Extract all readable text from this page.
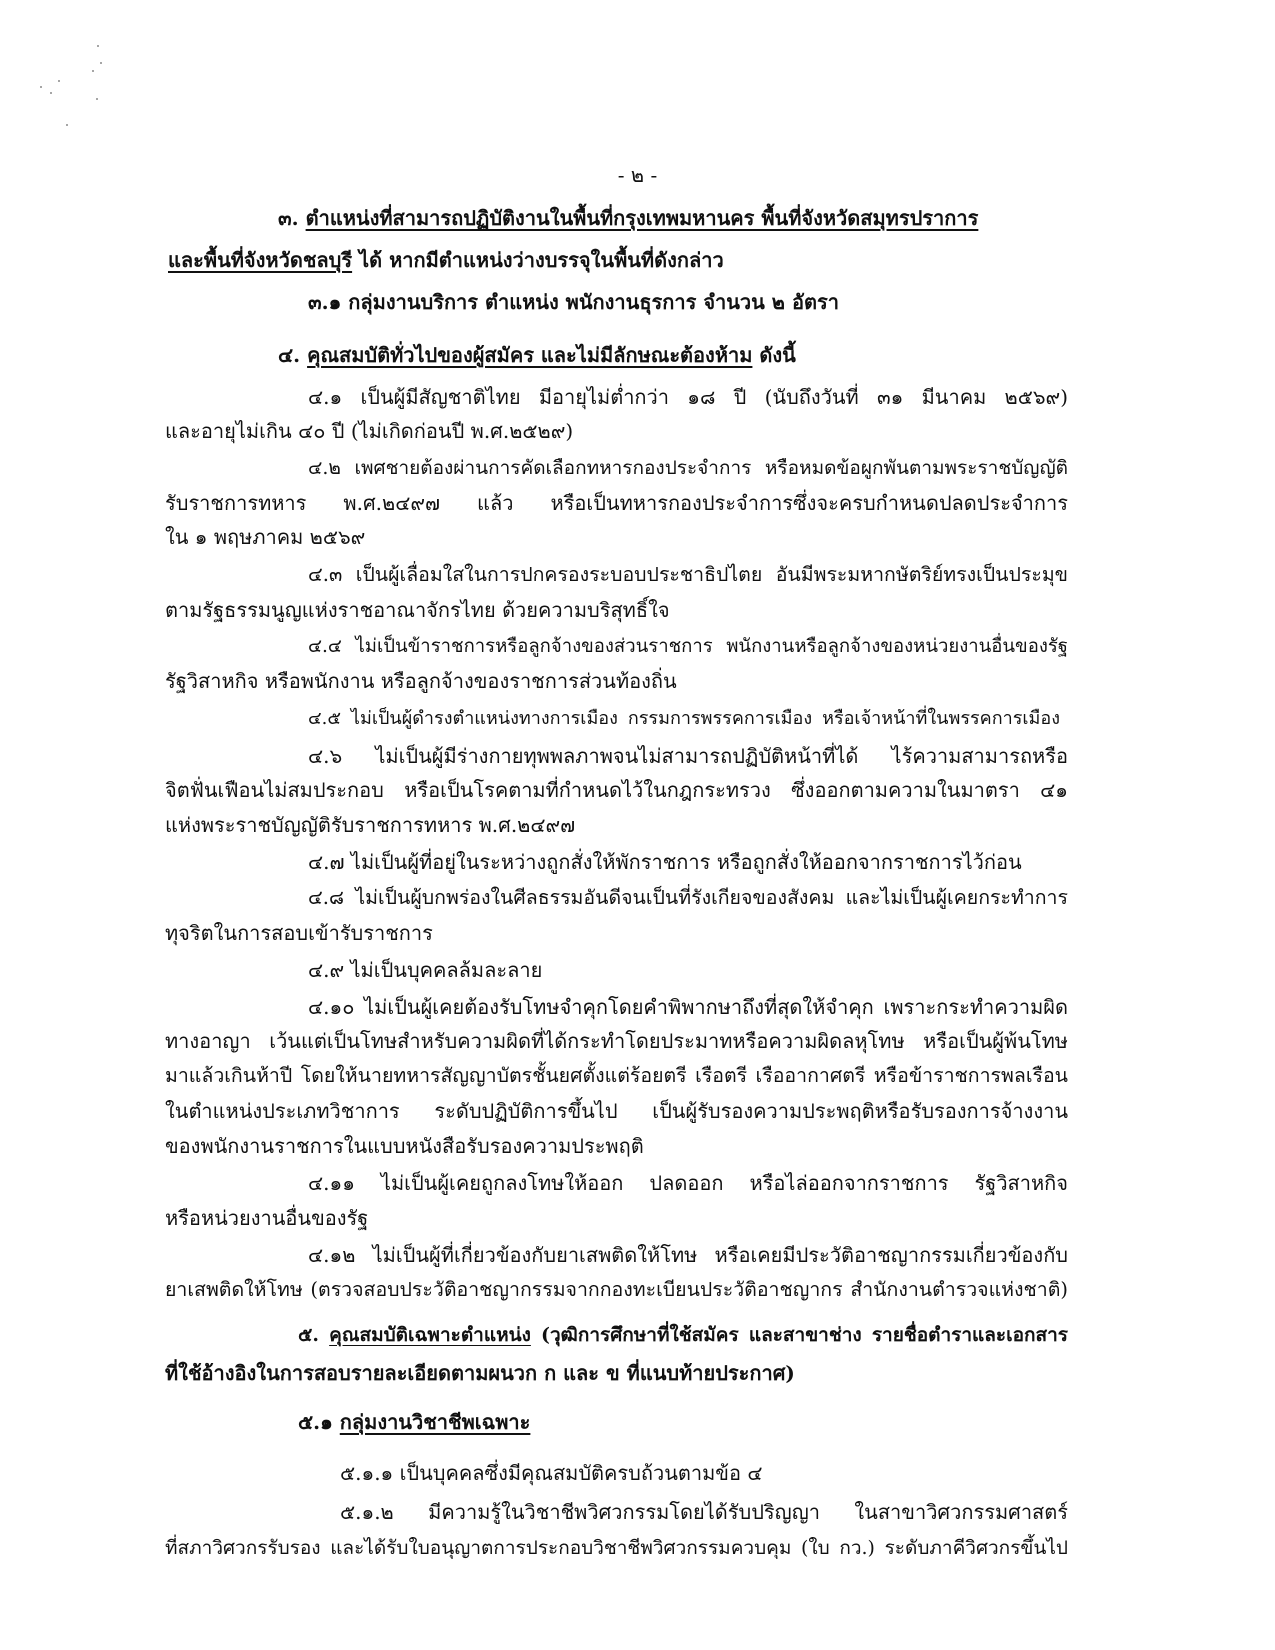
- ๒ -
๓. ตำแหน่งที่สามารถปฏิบัติงานในพื้นที่กรุงเทพมหานคร พื้นที่จังหวัดสมุทรปราการ
และพื้นที่จังหวัดชลบุรี ได้ หากมีตำแหน่งว่างบรรจุในพื้นที่ดังกล่าว
๓.๑ กลุ่มงานบริการ ตำแหน่ง พนักงานธุรการ จำนวน ๒ อัตรา
๔. คุณสมบัติทั่วไปของผู้สมัคร และไม่มีลักษณะต้องห้าม ดังนี้
๔.๑ เป็นผู้มีสัญชาติไทย มีอายุไม่ต่ำกว่า ๑๘ ปี (นับถึงวันที่ ๓๑ มีนาคม ๒๕๖๙)
และอายุไม่เกิน ๔๐ ปี (ไม่เกิดก่อนปี พ.ศ.๒๕๒๙)
๔.๒ เพศชายต้องผ่านการคัดเลือกทหารกองประจำการ หรือหมดข้อผูกพันตามพระราชบัญญัติ
รับราชการทหาร พ.ศ.๒๔๙๗ แล้ว หรือเป็นทหารกองประจำการซึ่งจะครบกำหนดปลดประจำการ
ใน ๑ พฤษภาคม ๒๕๖๙
๔.๓ เป็นผู้เลื่อมใสในการปกครองระบอบประชาธิปไตย อันมีพระมหากษัตริย์ทรงเป็นประมุข
ตามรัฐธรรมนูญแห่งราชอาณาจักรไทย ด้วยความบริสุทธิ์ใจ
๔.๔ ไม่เป็นข้าราชการหรือลูกจ้างของส่วนราชการ พนักงานหรือลูกจ้างของหน่วยงานอื่นของรัฐ
รัฐวิสาหกิจ หรือพนักงาน หรือลูกจ้างของราชการส่วนท้องถิ่น
๔.๕ ไม่เป็นผู้ดำรงตำแหน่งทางการเมือง กรรมการพรรคการเมือง หรือเจ้าหน้าที่ในพรรคการเมือง
๔.๖ ไม่เป็นผู้มีร่างกายทุพพลภาพจนไม่สามารถปฏิบัติหน้าที่ได้ ไร้ความสามารถหรือ
จิตฟั่นเฟือนไม่สมประกอบ หรือเป็นโรคตามที่กำหนดไว้ในกฎกระทรวง ซึ่งออกตามความในมาตรา ๔๑
แห่งพระราชบัญญัติรับราชการทหาร พ.ศ.๒๔๙๗
๔.๗ ไม่เป็นผู้ที่อยู่ในระหว่างถูกสั่งให้พักราชการ หรือถูกสั่งให้ออกจากราชการไว้ก่อน
๔.๘ ไม่เป็นผู้บกพร่องในศีลธรรมอันดีจนเป็นที่รังเกียจของสังคม และไม่เป็นผู้เคยกระทำการ
ทุจริตในการสอบเข้ารับราชการ
๔.๙ ไม่เป็นบุคคลล้มละลาย
๔.๑๐ ไม่เป็นผู้เคยต้องรับโทษจำคุกโดยคำพิพากษาถึงที่สุดให้จำคุก เพราะกระทำความผิด
ทางอาญา เว้นแต่เป็นโทษสำหรับความผิดที่ได้กระทำโดยประมาทหรือความผิดลหุโทษ หรือเป็นผู้พ้นโทษ
มาแล้วเกินห้าปี โดยให้นายทหารสัญญาบัตรชั้นยศตั้งแต่ร้อยตรี เรือตรี เรืออากาศตรี หรือข้าราชการพลเรือน
ในตำแหน่งประเภทวิชาการ ระดับปฏิบัติการขึ้นไป เป็นผู้รับรองความประพฤติหรือรับรองการจ้างงาน
ของพนักงานราชการในแบบหนังสือรับรองความประพฤติ
๔.๑๑ ไม่เป็นผู้เคยถูกลงโทษให้ออก ปลดออก หรือไล่ออกจากราชการ รัฐวิสาหกิจ
หรือหน่วยงานอื่นของรัฐ
๔.๑๒ ไม่เป็นผู้ที่เกี่ยวข้องกับยาเสพติดให้โทษ หรือเคยมีประวัติอาชญากรรมเกี่ยวข้องกับ
ยาเสพติดให้โทษ (ตรวจสอบประวัติอาชญากรรมจากกองทะเบียนประวัติอาชญากร สำนักงานตำรวจแห่งชาติ)
๕. คุณสมบัติเฉพาะตำแหน่ง (วุฒิการศึกษาที่ใช้สมัคร และสาขาช่าง รายชื่อตำราและเอกสาร
ที่ใช้อ้างอิงในการสอบรายละเอียดตามผนวก ก และ ข ที่แนบท้ายประกาศ)
๕.๑ กลุ่มงานวิชาชีพเฉพาะ
๕.๑.๑ เป็นบุคคลซึ่งมีคุณสมบัติครบถ้วนตามข้อ ๔
๕.๑.๒ มีความรู้ในวิชาชีพวิศวกรรมโดยได้รับปริญญา ในสาขาวิศวกรรมศาสตร์
ที่สภาวิศวกรรับรอง และได้รับใบอนุญาตการประกอบวิชาชีพวิศวกรรมควบคุม (ใบ กว.) ระดับภาคีวิศวกรขึ้นไป
